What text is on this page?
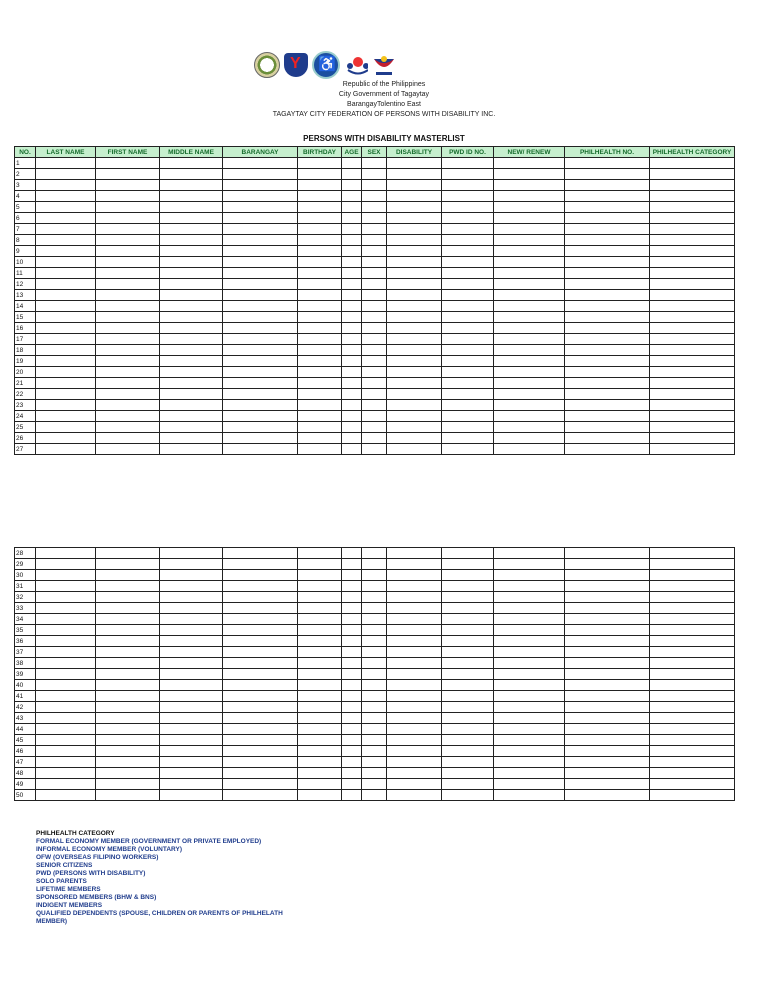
Y
♿
Republic of the Philippines
City Government of Tagaytay
BarangayTolentino East
TAGAYTAY CITY FEDERATION OF PERSONS WITH DISABILITY INC.
PERSONS WITH DISABILITY MASTERLIST
NO.	LAST NAME	FIRST NAME	MIDDLE NAME	BARANGAY	BIRTHDAY	AGE	SEX	DISABILITY	PWD ID NO.	NEW/ RENEW	PHILHEALTH NO.	PHILHEALTH CATEGORY
1												
2												
3												
4												
5												
6												
7												
8												
9												
10												
11												
12												
13												
14												
15												
16												
17												
18												
19												
20												
21												
22												
23												
24												
25												
26												
27												
28												
29												
30												
31												
32												
33												
34												
35												
36												
37												
38												
39												
40												
41												
42												
43												
44												
45												
46												
47												
48												
49												
50												
PHILHEALTH CATEGORY
FORMAL ECONOMY MEMBER (GOVERNMENT OR PRIVATE EMPLOYED)
INFORMAL ECONOMY MEMBER (VOLUNTARY)
OFW (OVERSEAS FILIPINO WORKERS)
SENIOR CITIZENS
PWD (PERSONS WITH DISABILITY)
SOLO PARENTS
LIFETIME MEMBERS
SPONSORED MEMBERS (BHW & BNS)
INDIGENT MEMBERS
QUALIFIED DEPENDENTS (SPOUSE, CHILDREN OR PARENTS OF PHILHELATH MEMBER)
